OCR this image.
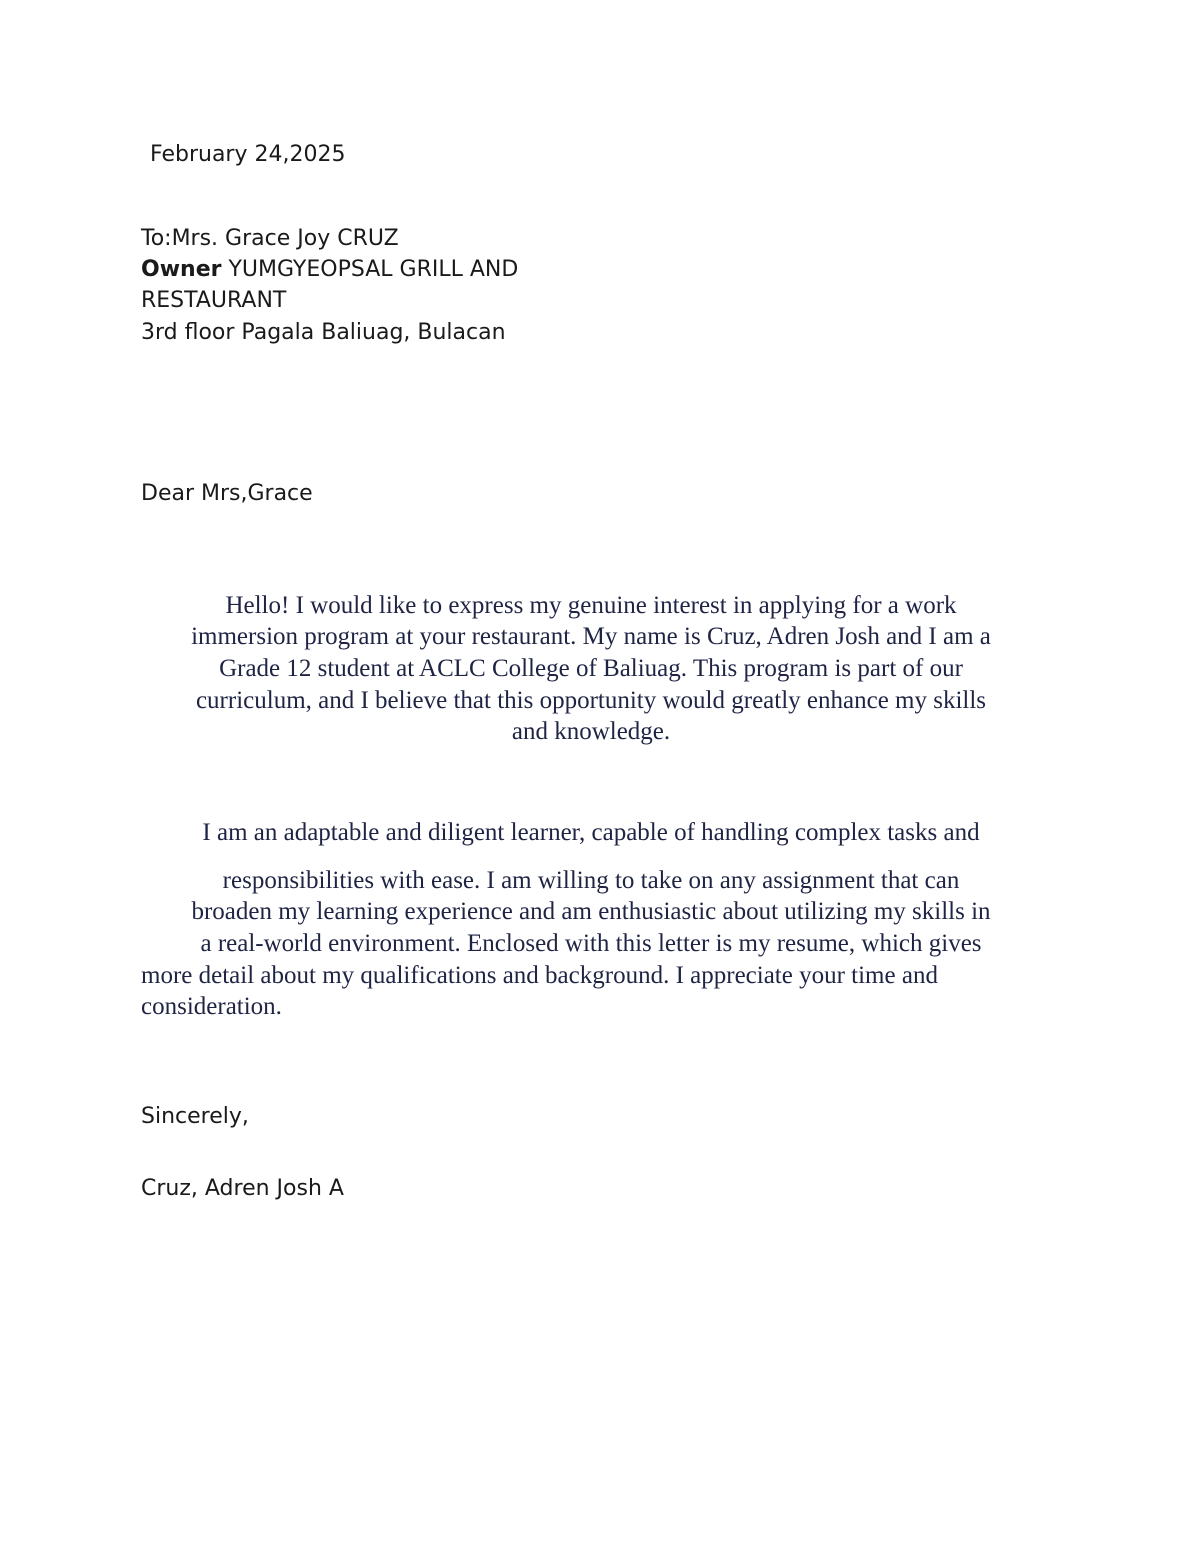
February 24,2025
To:Mrs. Grace Joy CRUZ
Owner YUMGYEOPSAL GRILL AND
RESTAURANT
3rd floor Pagala Baliuag, Bulacan
Dear Mrs,Grace
Hello! I would like to express my genuine interest in applying for a work
immersion program at your restaurant. My name is Cruz, Adren Josh and I am a
Grade 12 student at ACLC College of Baliuag. This program is part of our
curriculum, and I believe that this opportunity would greatly enhance my skills
and knowledge.
I am an adaptable and diligent learner, capable of handling complex tasks and
responsibilities with ease. I am willing to take on any assignment that can
broaden my learning experience and am enthusiastic about utilizing my skills in
a real-world environment. Enclosed with this letter is my resume, which gives
more detail about my qualifications and background. I appreciate your time and
consideration.
Sincerely,
Cruz, Adren Josh A
